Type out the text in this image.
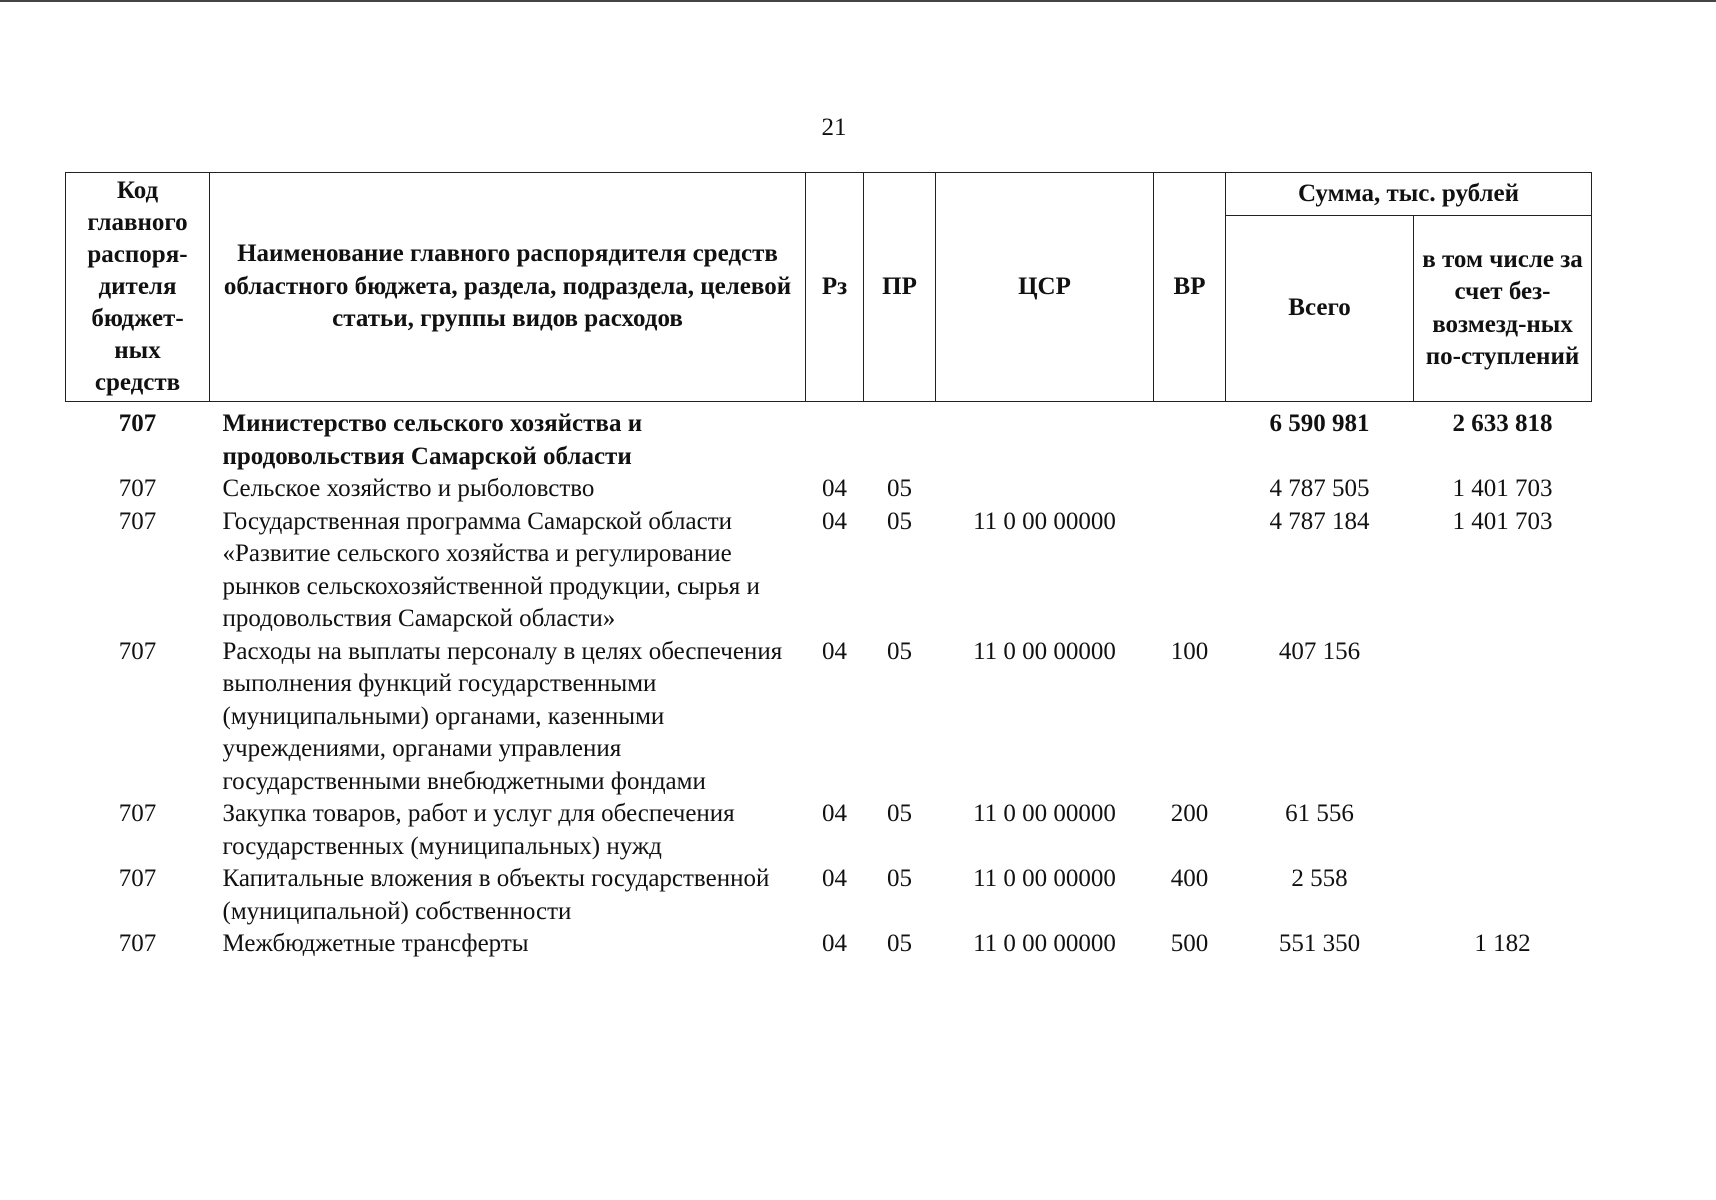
21
Код главного распоря-дителя бюджет-ных средств	Наименование главного распорядителя средств областного бюджета, раздела, подраздела, целевой статьи, группы видов расходов	Рз	ПР	ЦСР	ВР	Сумма, тыс. рублей	
						Всего	в том числе за счет без-возмезд-ных по-ступлений
707	Министерство сельского хозяйства и продовольствия Самарской области					6 590 981	2 633 818
707	Сельское хозяйство и рыболовство	04	05			4 787 505	1 401 703
707	Государственная программа Самарской области «Развитие сельского хозяйства и регулирование рынков сельскохозяйственной продукции, сырья и продовольствия Самарской области»	04	05	11 0 00 00000		4 787 184	1 401 703
707	Расходы на выплаты персоналу в целях обеспечения выполнения функций государственными (муниципальными) органами, казенными учреждениями, органами управления государственными внебюджетными фондами	04	05	11 0 00 00000	100	407 156	
707	Закупка товаров, работ и услуг для обеспечения государственных (муниципальных) нужд	04	05	11 0 00 00000	200	61 556	
707	Капитальные вложения в объекты государственной (муниципальной) собственности	04	05	11 0 00 00000	400	2 558	
707	Межбюджетные трансферты	04	05	11 0 00 00000	500	551 350	1 182
